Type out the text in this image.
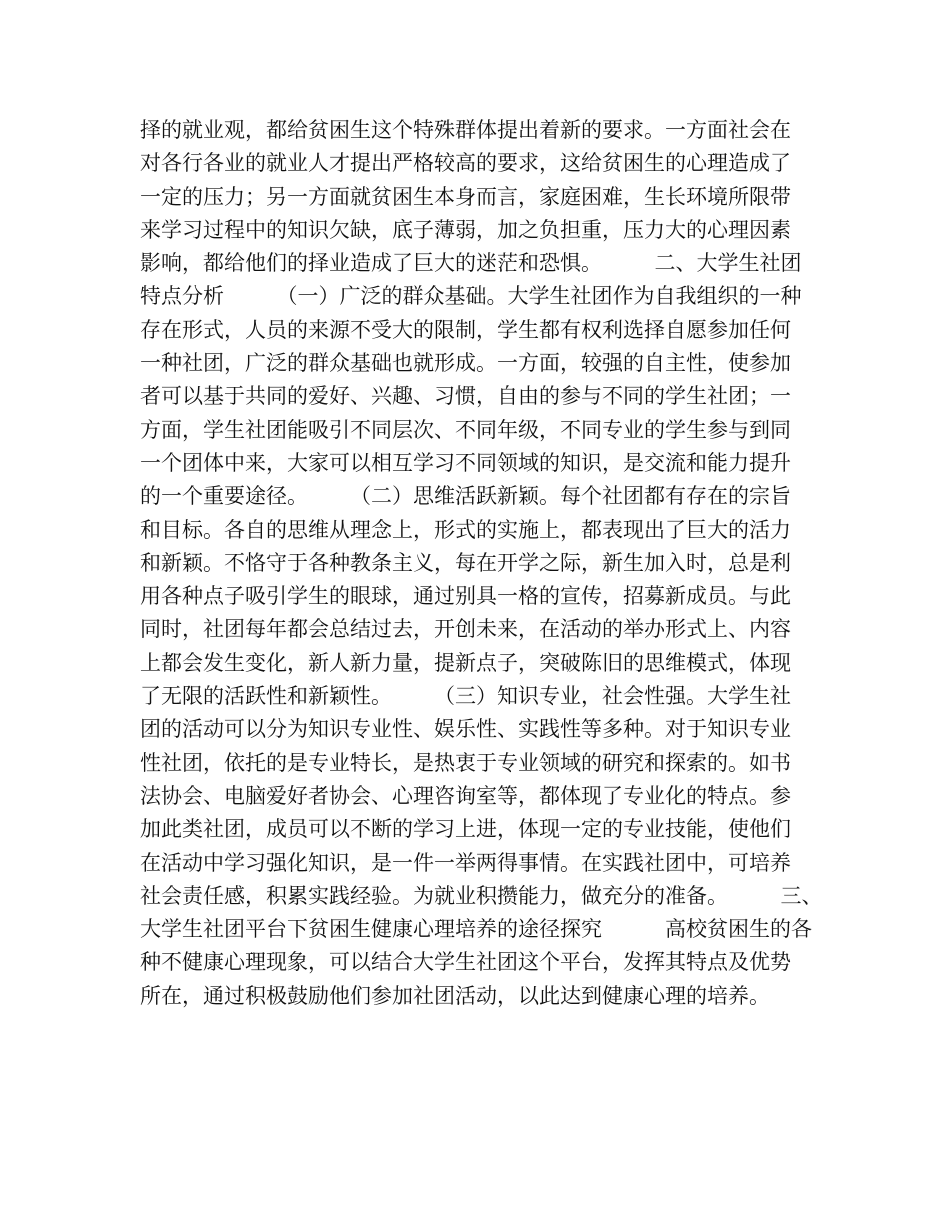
择的就业观，都给贫困生这个特殊群体提出着新的要求。一方面社会在
对各行各业的就业人才提出严格较高的要求，这给贫困生的心理造成了
一定的压力；另一方面就贫困生本身而言，家庭困难，生长环境所限带
来学习过程中的知识欠缺，底子薄弱，加之负担重，压力大的心理因素
影响，都给他们的择业造成了巨大的迷茫和恐惧。　　　二、大学生社团
特点分析　　　（一）广泛的群众基础。大学生社团作为自我组织的一种
存在形式，人员的来源不受大的限制，学生都有权利选择自愿参加任何
一种社团，广泛的群众基础也就形成。一方面，较强的自主性，使参加
者可以基于共同的爱好、兴趣、习惯，自由的参与不同的学生社团；一
方面，学生社团能吸引不同层次、不同年级，不同专业的学生参与到同
一个团体中来，大家可以相互学习不同领域的知识，是交流和能力提升
的一个重要途径。　　　（二）思维活跃新颖。每个社团都有存在的宗旨
和目标。各自的思维从理念上，形式的实施上，都表现出了巨大的活力
和新颖。不恪守于各种教条主义，每在开学之际，新生加入时，总是利
用各种点子吸引学生的眼球，通过别具一格的宣传，招募新成员。与此
同时，社团每年都会总结过去，开创未来，在活动的举办形式上、内容
上都会发生变化，新人新力量，提新点子，突破陈旧的思维模式，体现
了无限的活跃性和新颖性。　　　（三）知识专业，社会性强。大学生社
团的活动可以分为知识专业性、娱乐性、实践性等多种。对于知识专业
性社团，依托的是专业特长，是热衷于专业领域的研究和探索的。如书
法协会、电脑爱好者协会、心理咨询室等，都体现了专业化的特点。参
加此类社团，成员可以不断的学习上进，体现一定的专业技能，使他们
在活动中学习强化知识，是一件一举两得事情。在实践社团中，可培养
社会责任感，积累实践经验。为就业积攒能力，做充分的准备。　　　三、
大学生社团平台下贫困生健康心理培养的途径探究　　　高校贫困生的各
种不健康心理现象，可以结合大学生社团这个平台，发挥其特点及优势
所在，通过积极鼓励他们参加社团活动，以此达到健康心理的培养。
